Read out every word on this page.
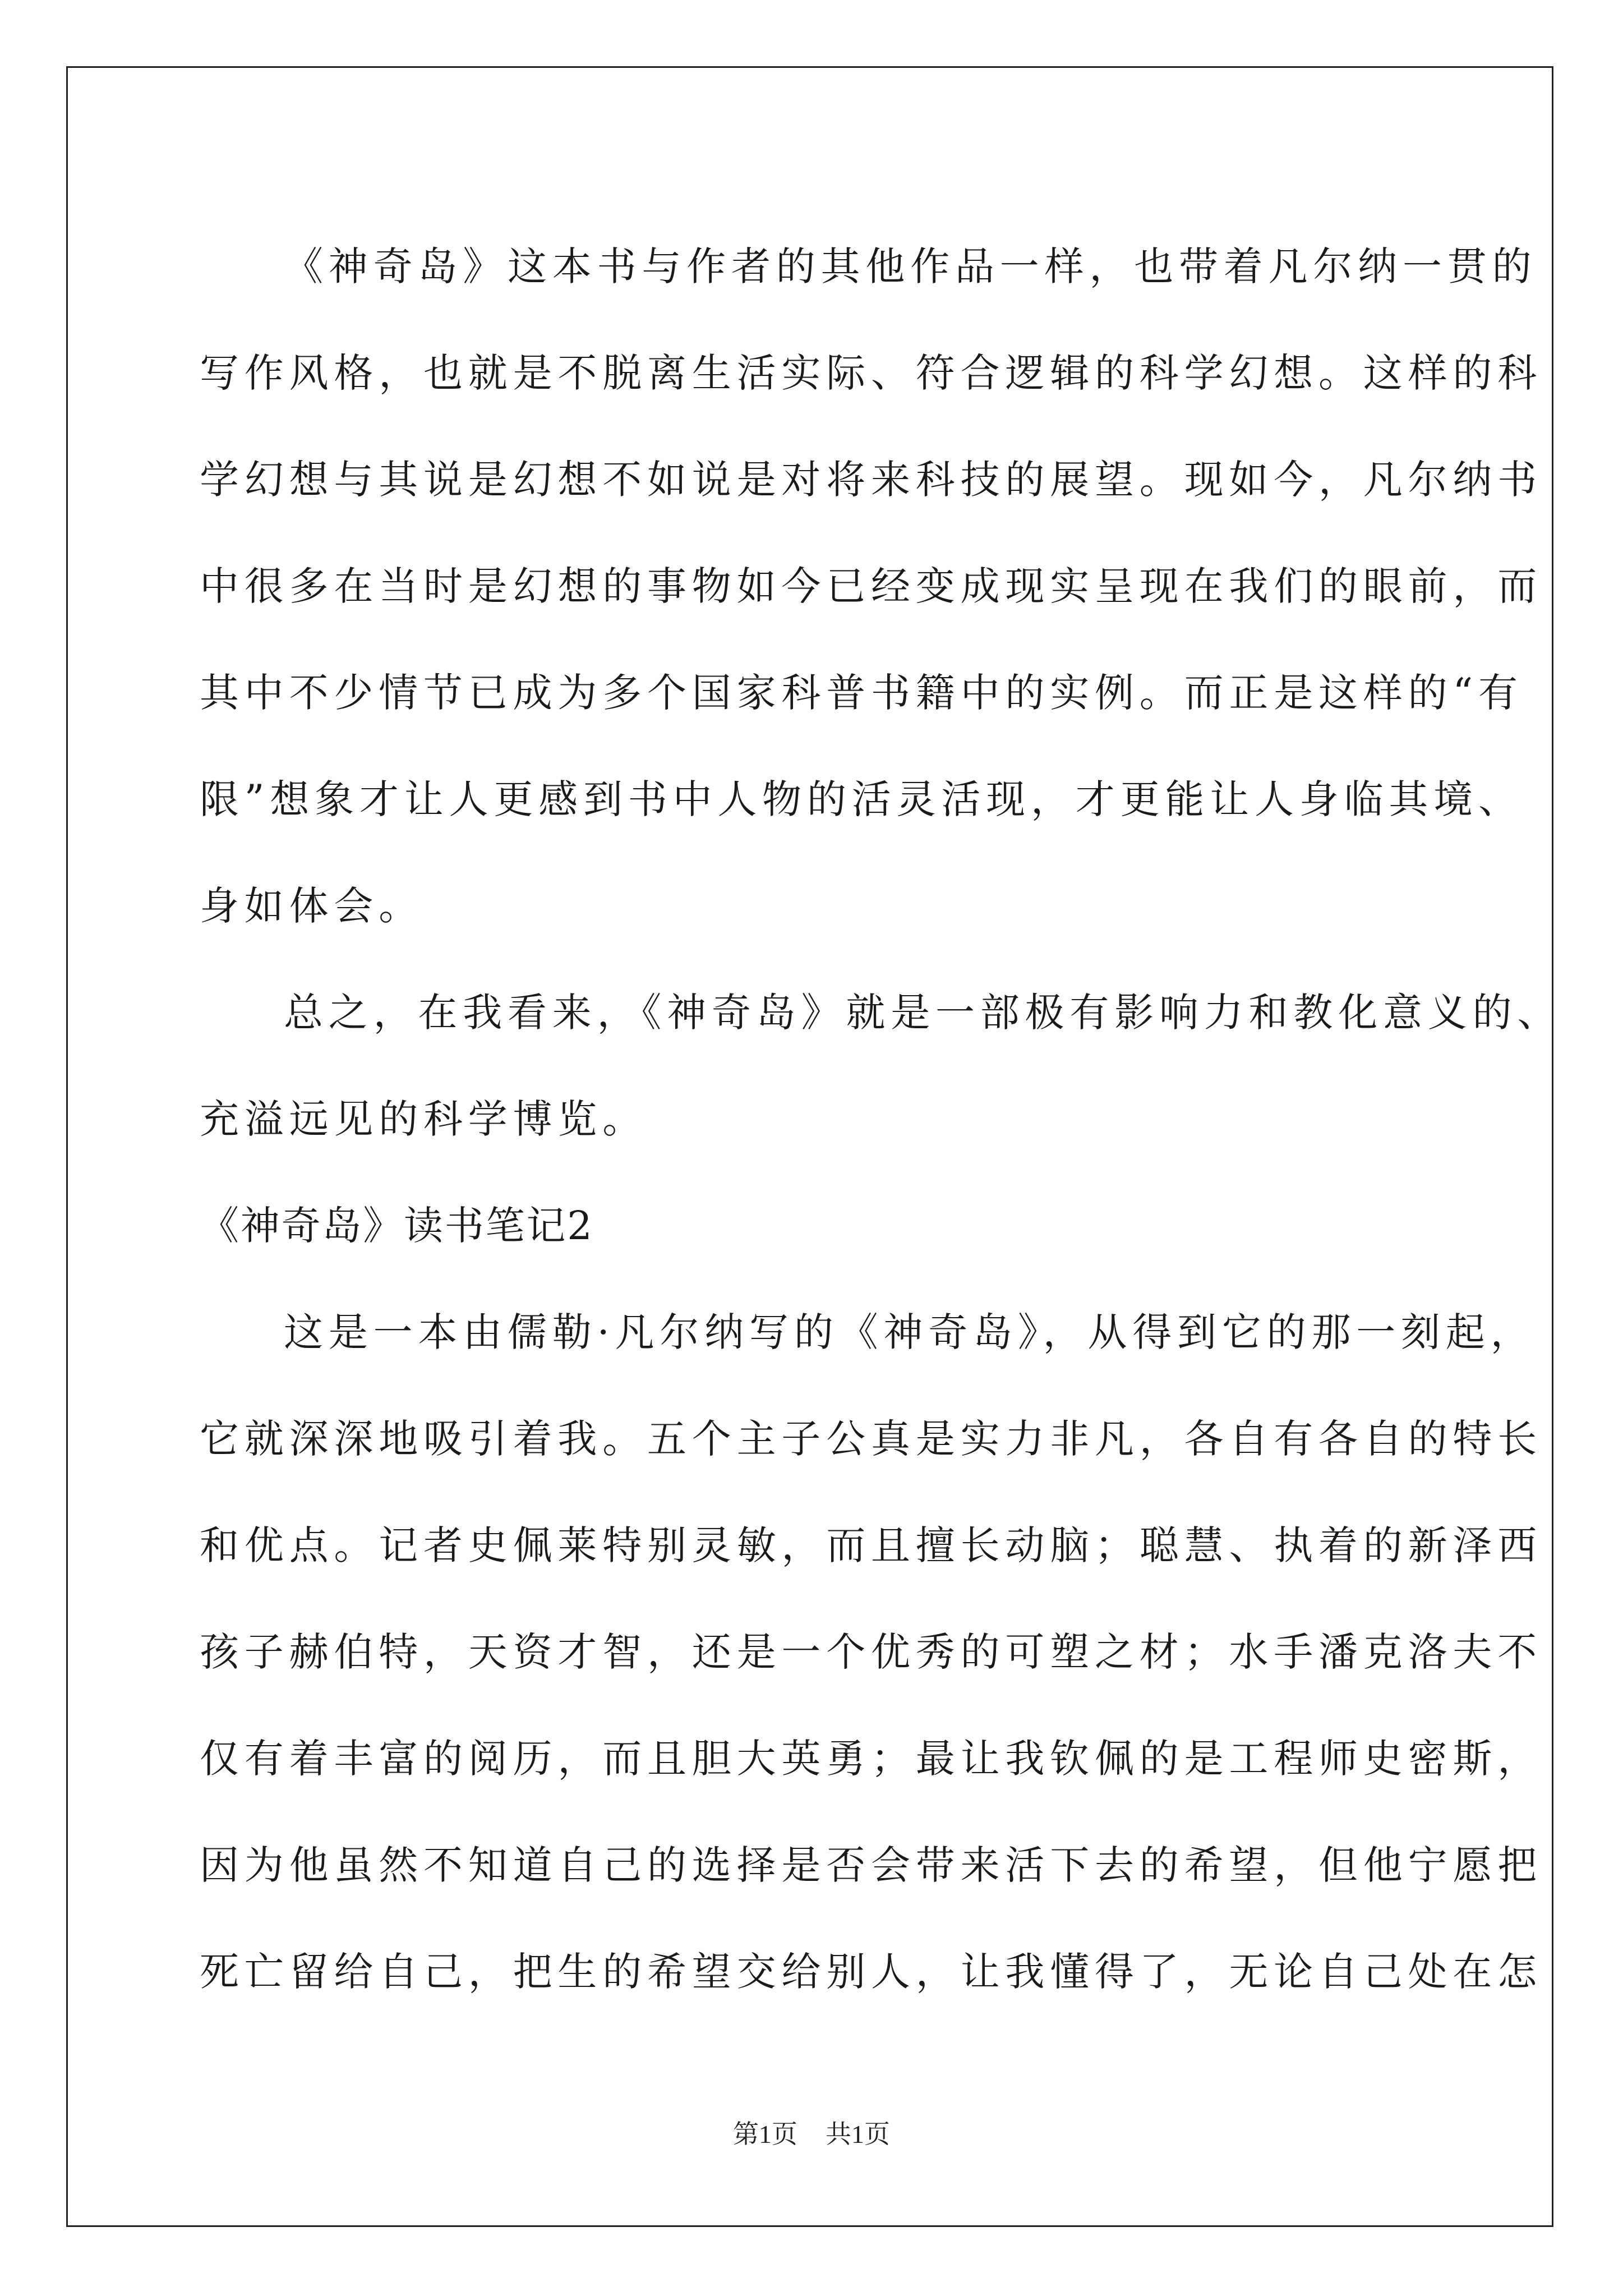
《神奇岛》这本书与作者的其他作品一样，也带着凡尔纳一贯的
写作风格，也就是不脱离生活实际、符合逻辑的科学幻想。这样的科
学幻想与其说是幻想不如说是对将来科技的展望。现如今，凡尔纳书
中很多在当时是幻想的事物如今已经变成现实呈现在我们的眼前，而
其中不少情节已成为多个国家科普书籍中的实例。而正是这样的“有
限”想象才让人更感到书中人物的活灵活现，才更能让人身临其境、
身如体会。
总之，在我看来，《神奇岛》就是一部极有影响力和教化意义的、
充溢远见的科学博览。
《神奇岛》读书笔记2
这是一本由儒勒·凡尔纳写的《神奇岛》，从得到它的那一刻起，
它就深深地吸引着我。五个主子公真是实力非凡，各自有各自的特长
和优点。记者史佩莱特别灵敏，而且擅长动脑；聪慧、执着的新泽西
孩子赫伯特，天资才智，还是一个优秀的可塑之材；水手潘克洛夫不
仅有着丰富的阅历，而且胆大英勇；最让我钦佩的是工程师史密斯，
因为他虽然不知道自己的选择是否会带来活下去的希望，但他宁愿把
死亡留给自己，把生的希望交给别人，让我懂得了，无论自己处在怎
第1页 共1页
